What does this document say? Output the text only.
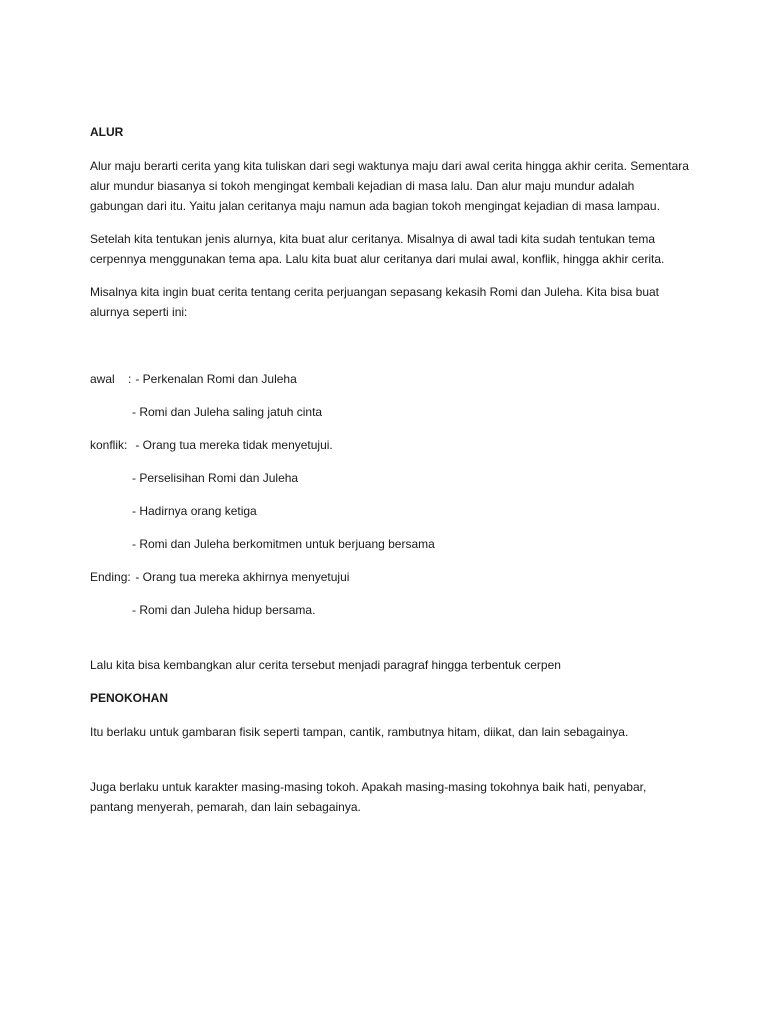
ALUR
Alur maju berarti cerita yang kita tuliskan dari segi waktunya maju dari awal cerita hingga akhir cerita. Sementara alur mundur biasanya si tokoh mengingat kembali kejadian di masa lalu. Dan alur maju mundur adalah gabungan dari itu. Yaitu jalan ceritanya maju namun ada bagian tokoh mengingat kejadian di masa lampau.
Setelah kita tentukan jenis alurnya, kita buat alur ceritanya. Misalnya di awal tadi kita sudah tentukan tema cerpennya menggunakan tema apa. Lalu kita buat alur ceritanya dari mulai awal, konflik, hingga akhir cerita.
Misalnya kita ingin buat cerita tentang cerita perjuangan sepasang kekasih Romi dan Juleha. Kita bisa buat alurnya seperti ini:
awal    : - Perkenalan Romi dan Juleha
- Romi dan Juleha saling jatuh cinta
konflik: - Orang tua mereka tidak menyetujui.
- Perselisihan Romi dan Juleha
- Hadirnya orang ketiga
- Romi dan Juleha berkomitmen untuk berjuang bersama
Ending: - Orang tua mereka akhirnya menyetujui
- Romi dan Juleha hidup bersama.
Lalu kita bisa kembangkan alur cerita tersebut menjadi paragraf hingga terbentuk cerpen
PENOKOHAN
Itu berlaku untuk gambaran fisik seperti tampan, cantik, rambutnya hitam, diikat, dan lain sebagainya.
Juga berlaku untuk karakter masing-masing tokoh. Apakah masing-masing tokohnya baik hati, penyabar, pantang menyerah, pemarah, dan lain sebagainya.
